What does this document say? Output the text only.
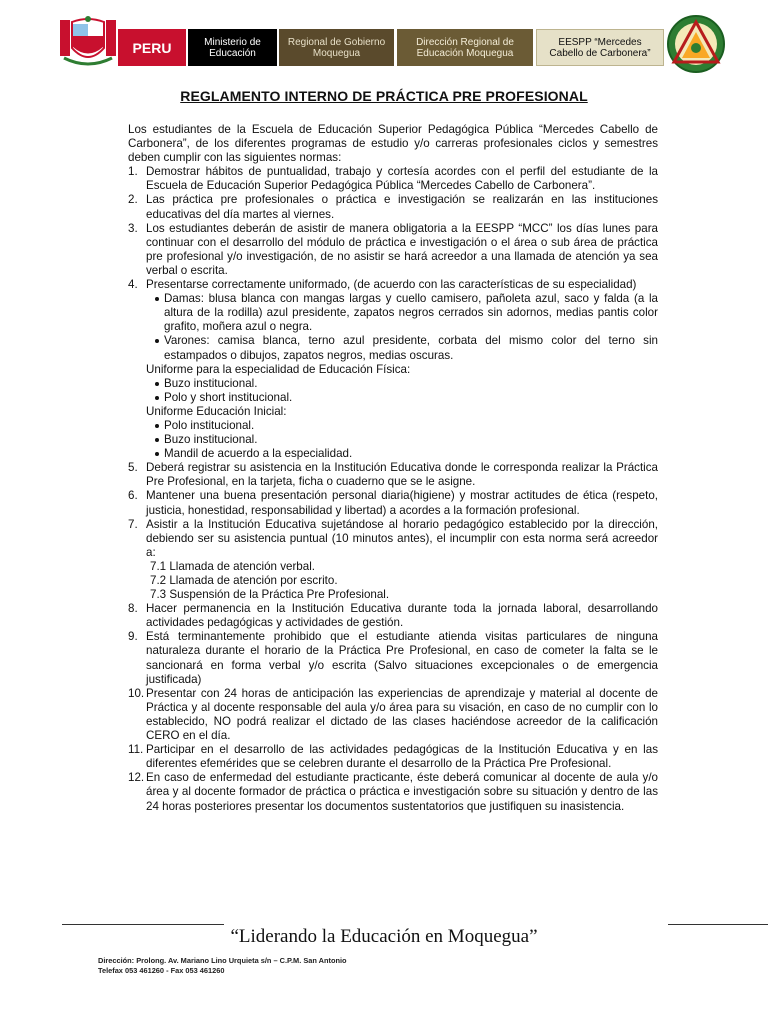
PERU	Ministerio de Educación
Regional de Gobierno Moquegua
Dirección Regional de Educación Moquegua
EESPP “Mercedes Cabello de Carbonera”
REGLAMENTO INTERNO DE PRÁCTICA PRE PROFESIONAL

Los estudiantes de la Escuela de Educación Superior Pedagógica Pública “Mercedes Cabello de Carbonera”, de los diferentes programas de estudio y/o carreras profesionales ciclos y semestres deben cumplir con las siguientes normas:

1. Demostrar hábitos de puntualidad, trabajo y cortesía acordes con el perfil del estudiante de la Escuela de Educación Superior Pedagógica Pública “Mercedes Cabello de Carbonera”.
2. Las práctica pre profesionales o práctica e investigación se realizarán en las instituciones educativas del día martes al viernes.
3. Los estudiantes deberán de asistir de manera obligatoria a la EESPP “MCC” los días lunes para continuar con el desarrollo del módulo de práctica e investigación o el área o sub área de práctica pre profesional y/o investigación, de no asistir se hará acreedor a una llamada de atención ya sea verbal o escrita.
4. Presentarse correctamente uniformado, (de acuerdo con las características de su especialidad)

Damas: blusa blanca con mangas largas y cuello camisero, pañoleta azul, saco y falda (a la altura de la rodilla) azul presidente, zapatos negros cerrados sin adornos, medias pantis color grafito, moñera azul o negra.
Varones: camisa blanca, terno azul presidente, corbata del mismo color del terno sin estampados o dibujos, zapatos negros, medias oscuras.

Uniforme para la especialidad de Educación Física:

Buzo institucional.
Polo y short institucional.

Uniforme Educación Inicial:

Polo institucional.
Buzo institucional.
Mandil de acuerdo a la especialidad.
5. Deberá registrar su asistencia en la Institución Educativa donde le corresponda realizar la Práctica Pre Profesional, en la tarjeta, ficha o cuaderno que se le asigne.
6. Mantener una buena presentación personal diaria(higiene) y mostrar actitudes de ética (respeto, justicia, honestidad, responsabilidad y libertad) a acordes a la formación profesional.
7. Asistir a la Institución Educativa sujetándose al horario pedagógico establecido por la dirección, debiendo ser su asistencia puntual (10 minutos antes), el incumplir con esta norma será acreedor a:
7.1 Llamada de atención verbal.
7.2 Llamada de atención por escrito.
7.3 Suspensión de la Práctica Pre Profesional.
8. Hacer permanencia en la Institución Educativa durante toda la jornada laboral, desarrollando actividades pedagógicas y actividades de gestión.
9. Está terminantemente prohibido que el estudiante atienda visitas particulares de ninguna naturaleza durante el horario de la Práctica Pre Profesional, en caso de cometer la falta se le sancionará en forma verbal y/o escrita (Salvo situaciones excepcionales o de emergencia justificada)
10. Presentar con 24 horas de anticipación las experiencias de aprendizaje y material al docente de Práctica y al docente responsable del aula y/o área para su visación, en caso de no cumplir con lo establecido, NO podrá realizar el dictado de las clases haciéndose acreedor de la calificación CERO en el día.
11. Participar en el desarrollo de las actividades pedagógicas de la Institución Educativa y en las diferentes efemérides que se celebren durante el desarrollo de la Práctica Pre Profesional.
12. En caso de enfermedad del estudiante practicante, éste deberá comunicar al docente de aula y/o área y al docente formador de práctica o práctica e investigación sobre su situación y dentro de las 24 horas posteriores presentar los documentos sustentatorios que justifiquen su inasistencia.
“Liderando la Educación en Moquegua”
Dirección: Prolong. Av. Mariano Lino Urquieta s/n – C.P.M. San Antonio
Telefax 053 461260 - Fax 053 461260
